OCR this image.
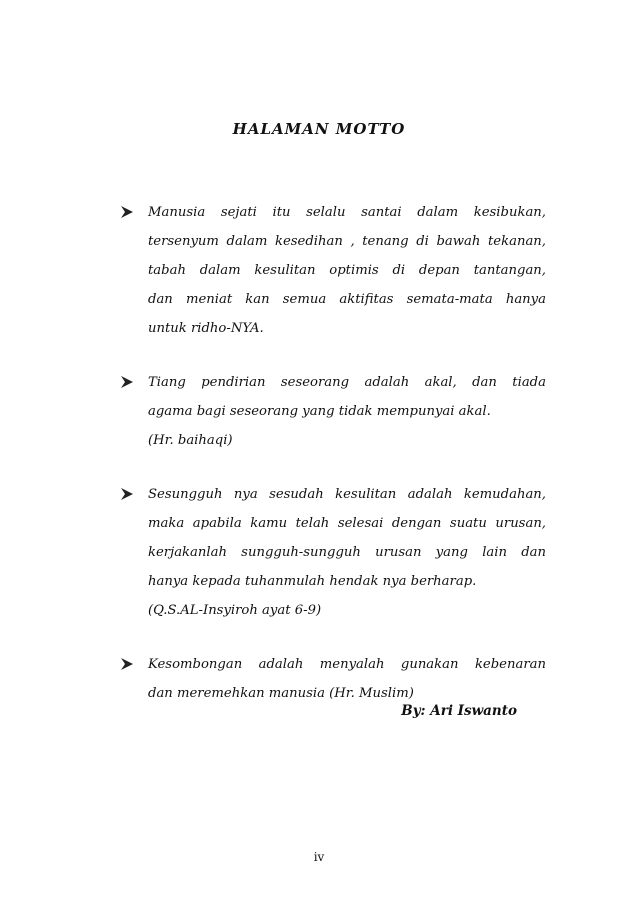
HALAMAN MOTTO
Manusia sejati itu selalu santai dalam kesibukan,
tersenyum dalam kesedihan , tenang di bawah tekanan,
tabah dalam kesulitan optimis di depan tantangan,
dan meniat kan semua aktifitas semata-mata hanya
untuk ridho-NYA.
Tiang pendirian seseorang adalah akal, dan tiada
agama bagi seseorang yang tidak mempunyai akal.
(Hr. baihaqi)
Sesungguh nya sesudah kesulitan adalah kemudahan,
maka apabila kamu telah selesai dengan suatu urusan,
kerjakanlah sungguh-sungguh urusan yang lain dan
hanya kepada tuhanmulah hendak nya berharap.
(Q.S.AL-Insyiroh ayat 6-9)
Kesombongan adalah menyalah gunakan kebenaran
dan meremehkan manusia (Hr. Muslim)

By: Ari Iswanto

iv
